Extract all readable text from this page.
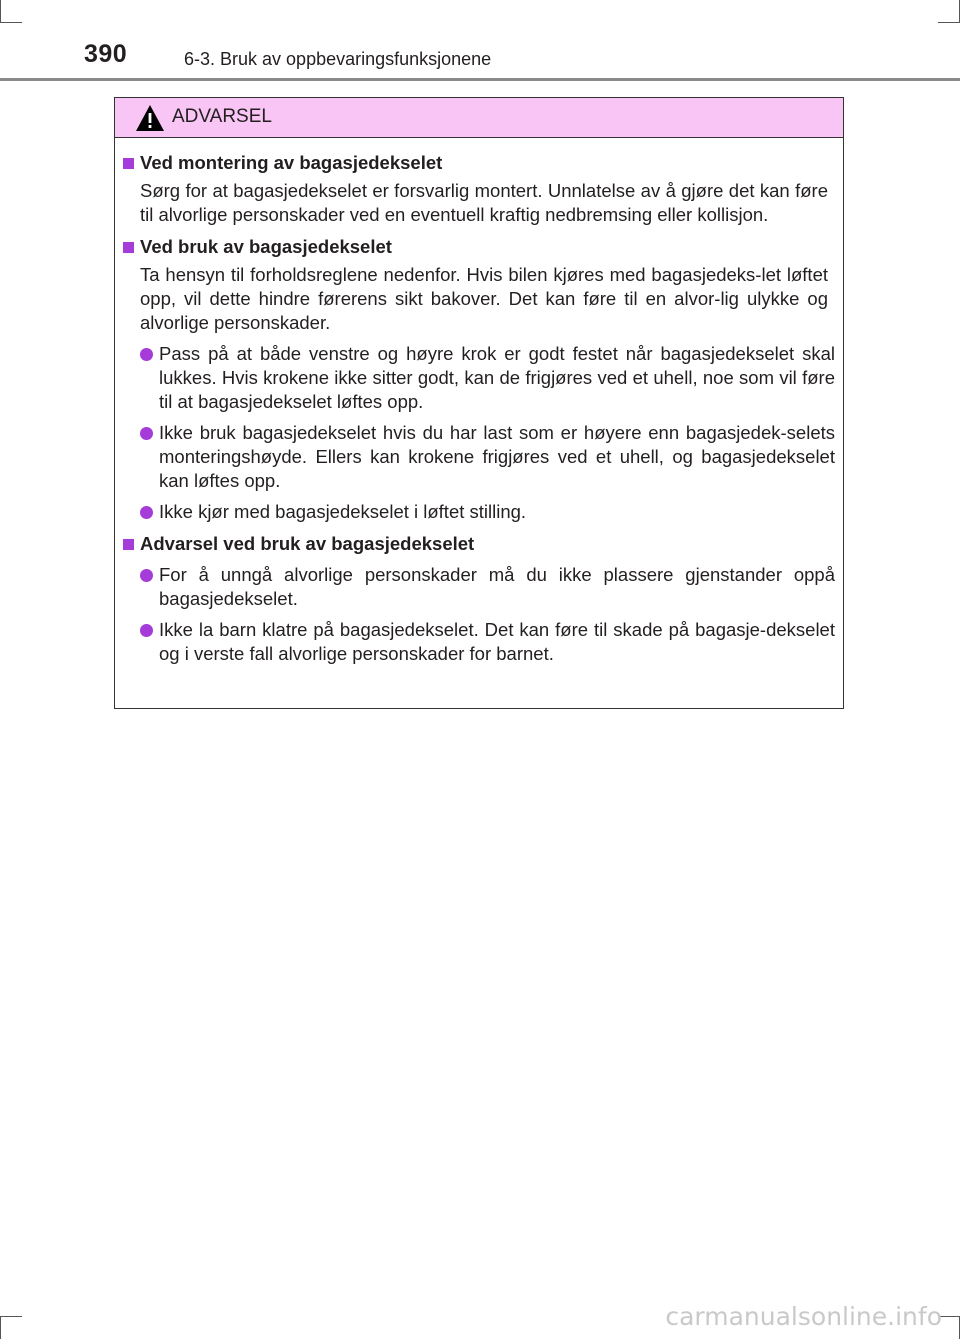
390	6-3. Bruk av oppbevaringsfunksjonene
ADVARSEL
Ved montering av bagasjedekselet
Sørg for at bagasjedekselet er forsvarlig montert. Unnlatelse av å gjøre det kan føre til alvorlige personskader ved en eventuell kraftig nedbremsing eller kollisjon.
Ved bruk av bagasjedekselet
Ta hensyn til forholdsreglene nedenfor. Hvis bilen kjøres med bagasjedeks-let løftet opp, vil dette hindre førerens sikt bakover. Det kan føre til en alvor-lig ulykke og alvorlige personskader.
Pass på at både venstre og høyre krok er godt festet når bagasjedekselet skal lukkes. Hvis krokene ikke sitter godt, kan de frigjøres ved et uhell, noe som vil føre til at bagasjedekselet løftes opp.
Ikke bruk bagasjedekselet hvis du har last som er høyere enn bagasjedek-selets monteringshøyde. Ellers kan krokene frigjøres ved et uhell, og bagasjedekselet kan løftes opp.
Ikke kjør med bagasjedekselet i løftet stilling.
Advarsel ved bruk av bagasjedekselet
For å unngå alvorlige personskader må du ikke plassere gjenstander oppå bagasjedekselet.
Ikke la barn klatre på bagasjedekselet. Det kan føre til skade på bagasje-dekselet og i verste fall alvorlige personskader for barnet.
carmanualsonline.info
